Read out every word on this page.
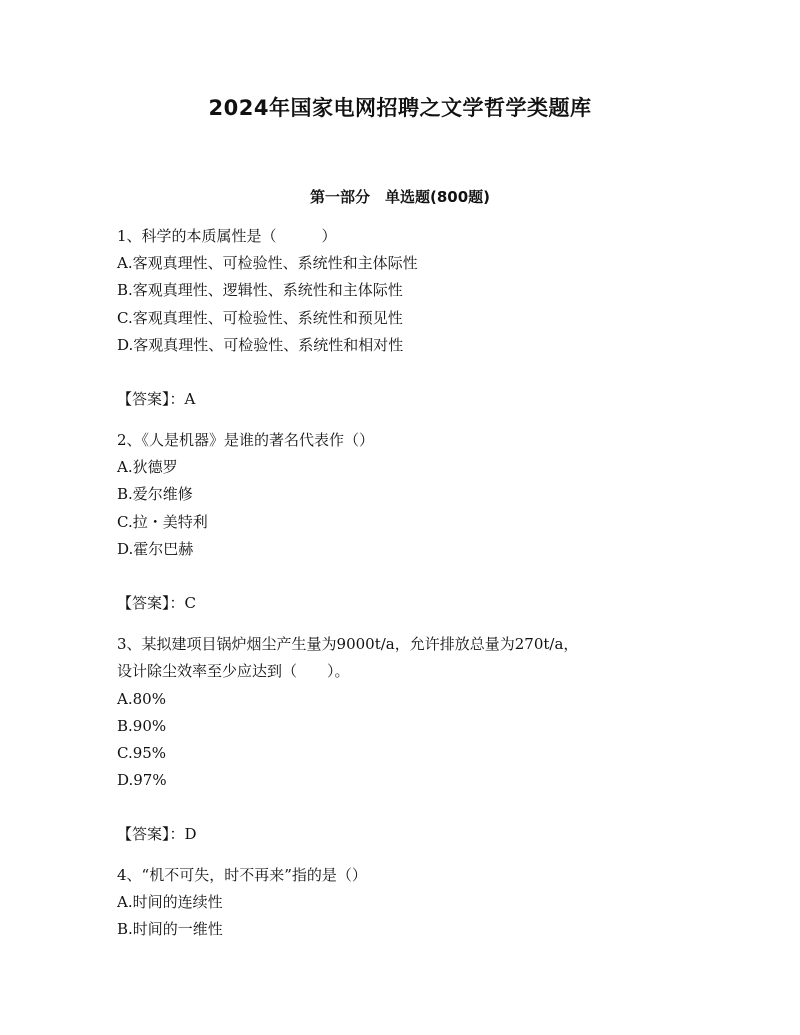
2024年国家电网招聘之文学哲学类题库
第一部分　单选题(800题)
1、科学的本质属性是（　　　）
A.客观真理性、可检验性、系统性和主体际性
B.客观真理性、逻辑性、系统性和主体际性
C.客观真理性、可检验性、系统性和预见性
D.客观真理性、可检验性、系统性和相对性
【答案】：A
2、《人是机器》是谁的著名代表作（）
A.狄德罗
B.爱尔维修
C.拉・美特利
D.霍尔巴赫
【答案】：C
3、某拟建项目锅炉烟尘产生量为9000t/a，允许排放总量为270t/a，
设计除尘效率至少应达到（　　）。
A.80%
B.90%
C.95%
D.97%
【答案】：D
4、“机不可失，时不再来”指的是（）
A.时间的连续性
B.时间的一维性
